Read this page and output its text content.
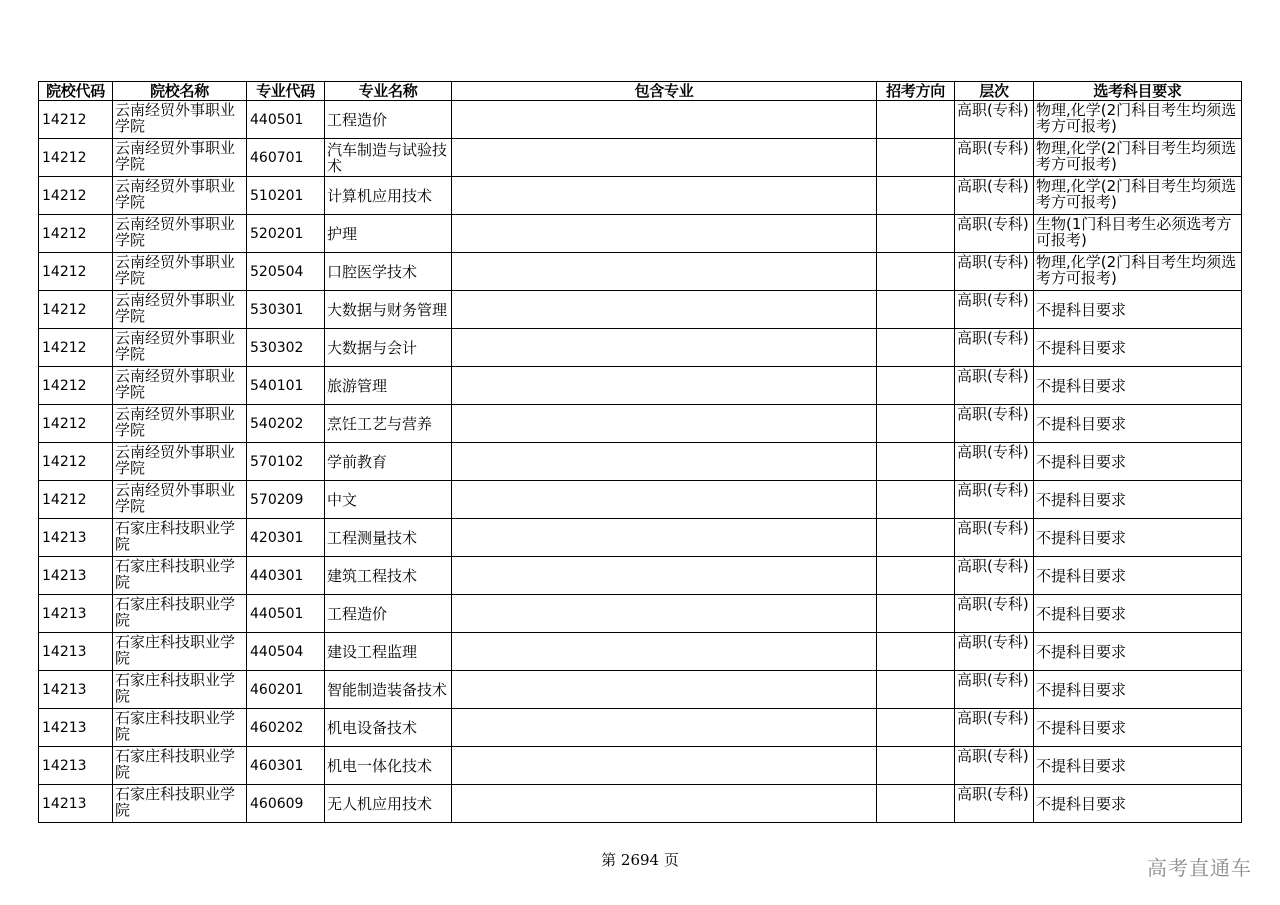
院校代码	院校名称	专业代码	专业名称	包含专业	招考方向	层次	选考科目要求
14212	云南经贸外事职业学院	440501	工程造价			高职(专科)	物理,化学(2门科目考生均须选考方可报考)
14212	云南经贸外事职业学院	460701	汽车制造与试验技术			高职(专科)	物理,化学(2门科目考生均须选考方可报考)
14212	云南经贸外事职业学院	510201	计算机应用技术			高职(专科)	物理,化学(2门科目考生均须选考方可报考)
14212	云南经贸外事职业学院	520201	护理			高职(专科)	生物(1门科目考生必须选考方可报考)
14212	云南经贸外事职业学院	520504	口腔医学技术			高职(专科)	物理,化学(2门科目考生均须选考方可报考)
14212	云南经贸外事职业学院	530301	大数据与财务管理			高职(专科)	不提科目要求
14212	云南经贸外事职业学院	530302	大数据与会计			高职(专科)	不提科目要求
14212	云南经贸外事职业学院	540101	旅游管理			高职(专科)	不提科目要求
14212	云南经贸外事职业学院	540202	烹饪工艺与营养			高职(专科)	不提科目要求
14212	云南经贸外事职业学院	570102	学前教育			高职(专科)	不提科目要求
14212	云南经贸外事职业学院	570209	中文			高职(专科)	不提科目要求
14213	石家庄科技职业学院	420301	工程测量技术			高职(专科)	不提科目要求
14213	石家庄科技职业学院	440301	建筑工程技术			高职(专科)	不提科目要求
14213	石家庄科技职业学院	440501	工程造价			高职(专科)	不提科目要求
14213	石家庄科技职业学院	440504	建设工程监理			高职(专科)	不提科目要求
14213	石家庄科技职业学院	460201	智能制造装备技术			高职(专科)	不提科目要求
14213	石家庄科技职业学院	460202	机电设备技术			高职(专科)	不提科目要求
14213	石家庄科技职业学院	460301	机电一体化技术			高职(专科)	不提科目要求
14213	石家庄科技职业学院	460609	无人机应用技术			高职(专科)	不提科目要求
第 2694 页	高考直通车
